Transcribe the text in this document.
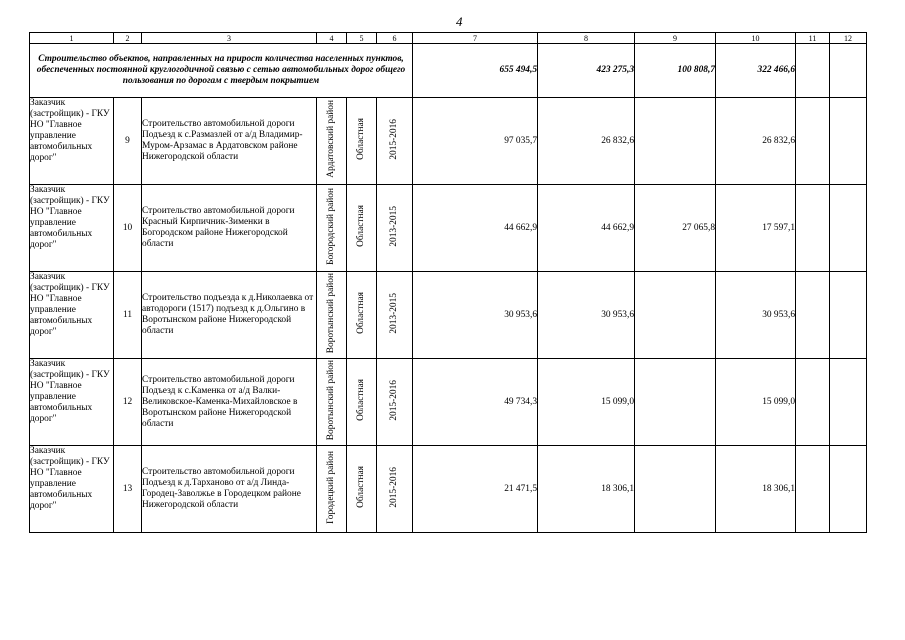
4
1	2	3	4	5	6	7	8	9	10	11	12
Строительство объектов, направленных на прирост количества населенных пунктов, обеспеченных постоянной круглогодичной связью с сетью автомобильных дорог общего пользования по дорогам с твердым покрытием						655 494,5	423 275,3	100 808,7	322 466,6		
Заказчик (застройщик) - ГКУ НО "Главное управление автомобильных дорог"	9	Строительство автомобильной дороги Подъезд к с.Размазлей от а/д Владимир-Муром-Арзамас в Ардатовском районе Нижегородской области	Ардатовский район	Областная	2015-2016	97 035,7	26 832,6		26 832,6		
Заказчик (застройщик) - ГКУ НО "Главное управление автомобильных дорог"	10	Строительство автомобильной дороги Красный Кирпичник-Зименки в Богородском районе Нижегородской области	Богородский район	Областная	2013-2015	44 662,9	44 662,9	27 065,8	17 597,1		
Заказчик (застройщик) - ГКУ НО "Главное управление автомобильных дорог"	11	Строительство подъезда к д.Николаевка от автодороги (1517) подъезд к д.Ольгино в Воротынском районе Нижегородской области	Воротынский район	Областная	2013-2015	30 953,6	30 953,6		30 953,6		
Заказчик (застройщик) - ГКУ НО "Главное управление автомобильных дорог"	12	Строительство автомобильной дороги Подъезд к с.Каменка от а/д Валки-Великовское-Каменка-Михайловское в Воротынском районе Нижегородской области	Воротынский район	Областная	2015-2016	49 734,3	15 099,0		15 099,0		
Заказчик (застройщик) - ГКУ НО "Главное управление автомобильных дорог"	13	Строительство автомобильной дороги Подъезд к д.Тарханово от а/д Линда-Городец-Заволжье в Городецком районе Нижегородской области	Городецкий район	Областная	2015-2016	21 471,5	18 306,1		18 306,1		
